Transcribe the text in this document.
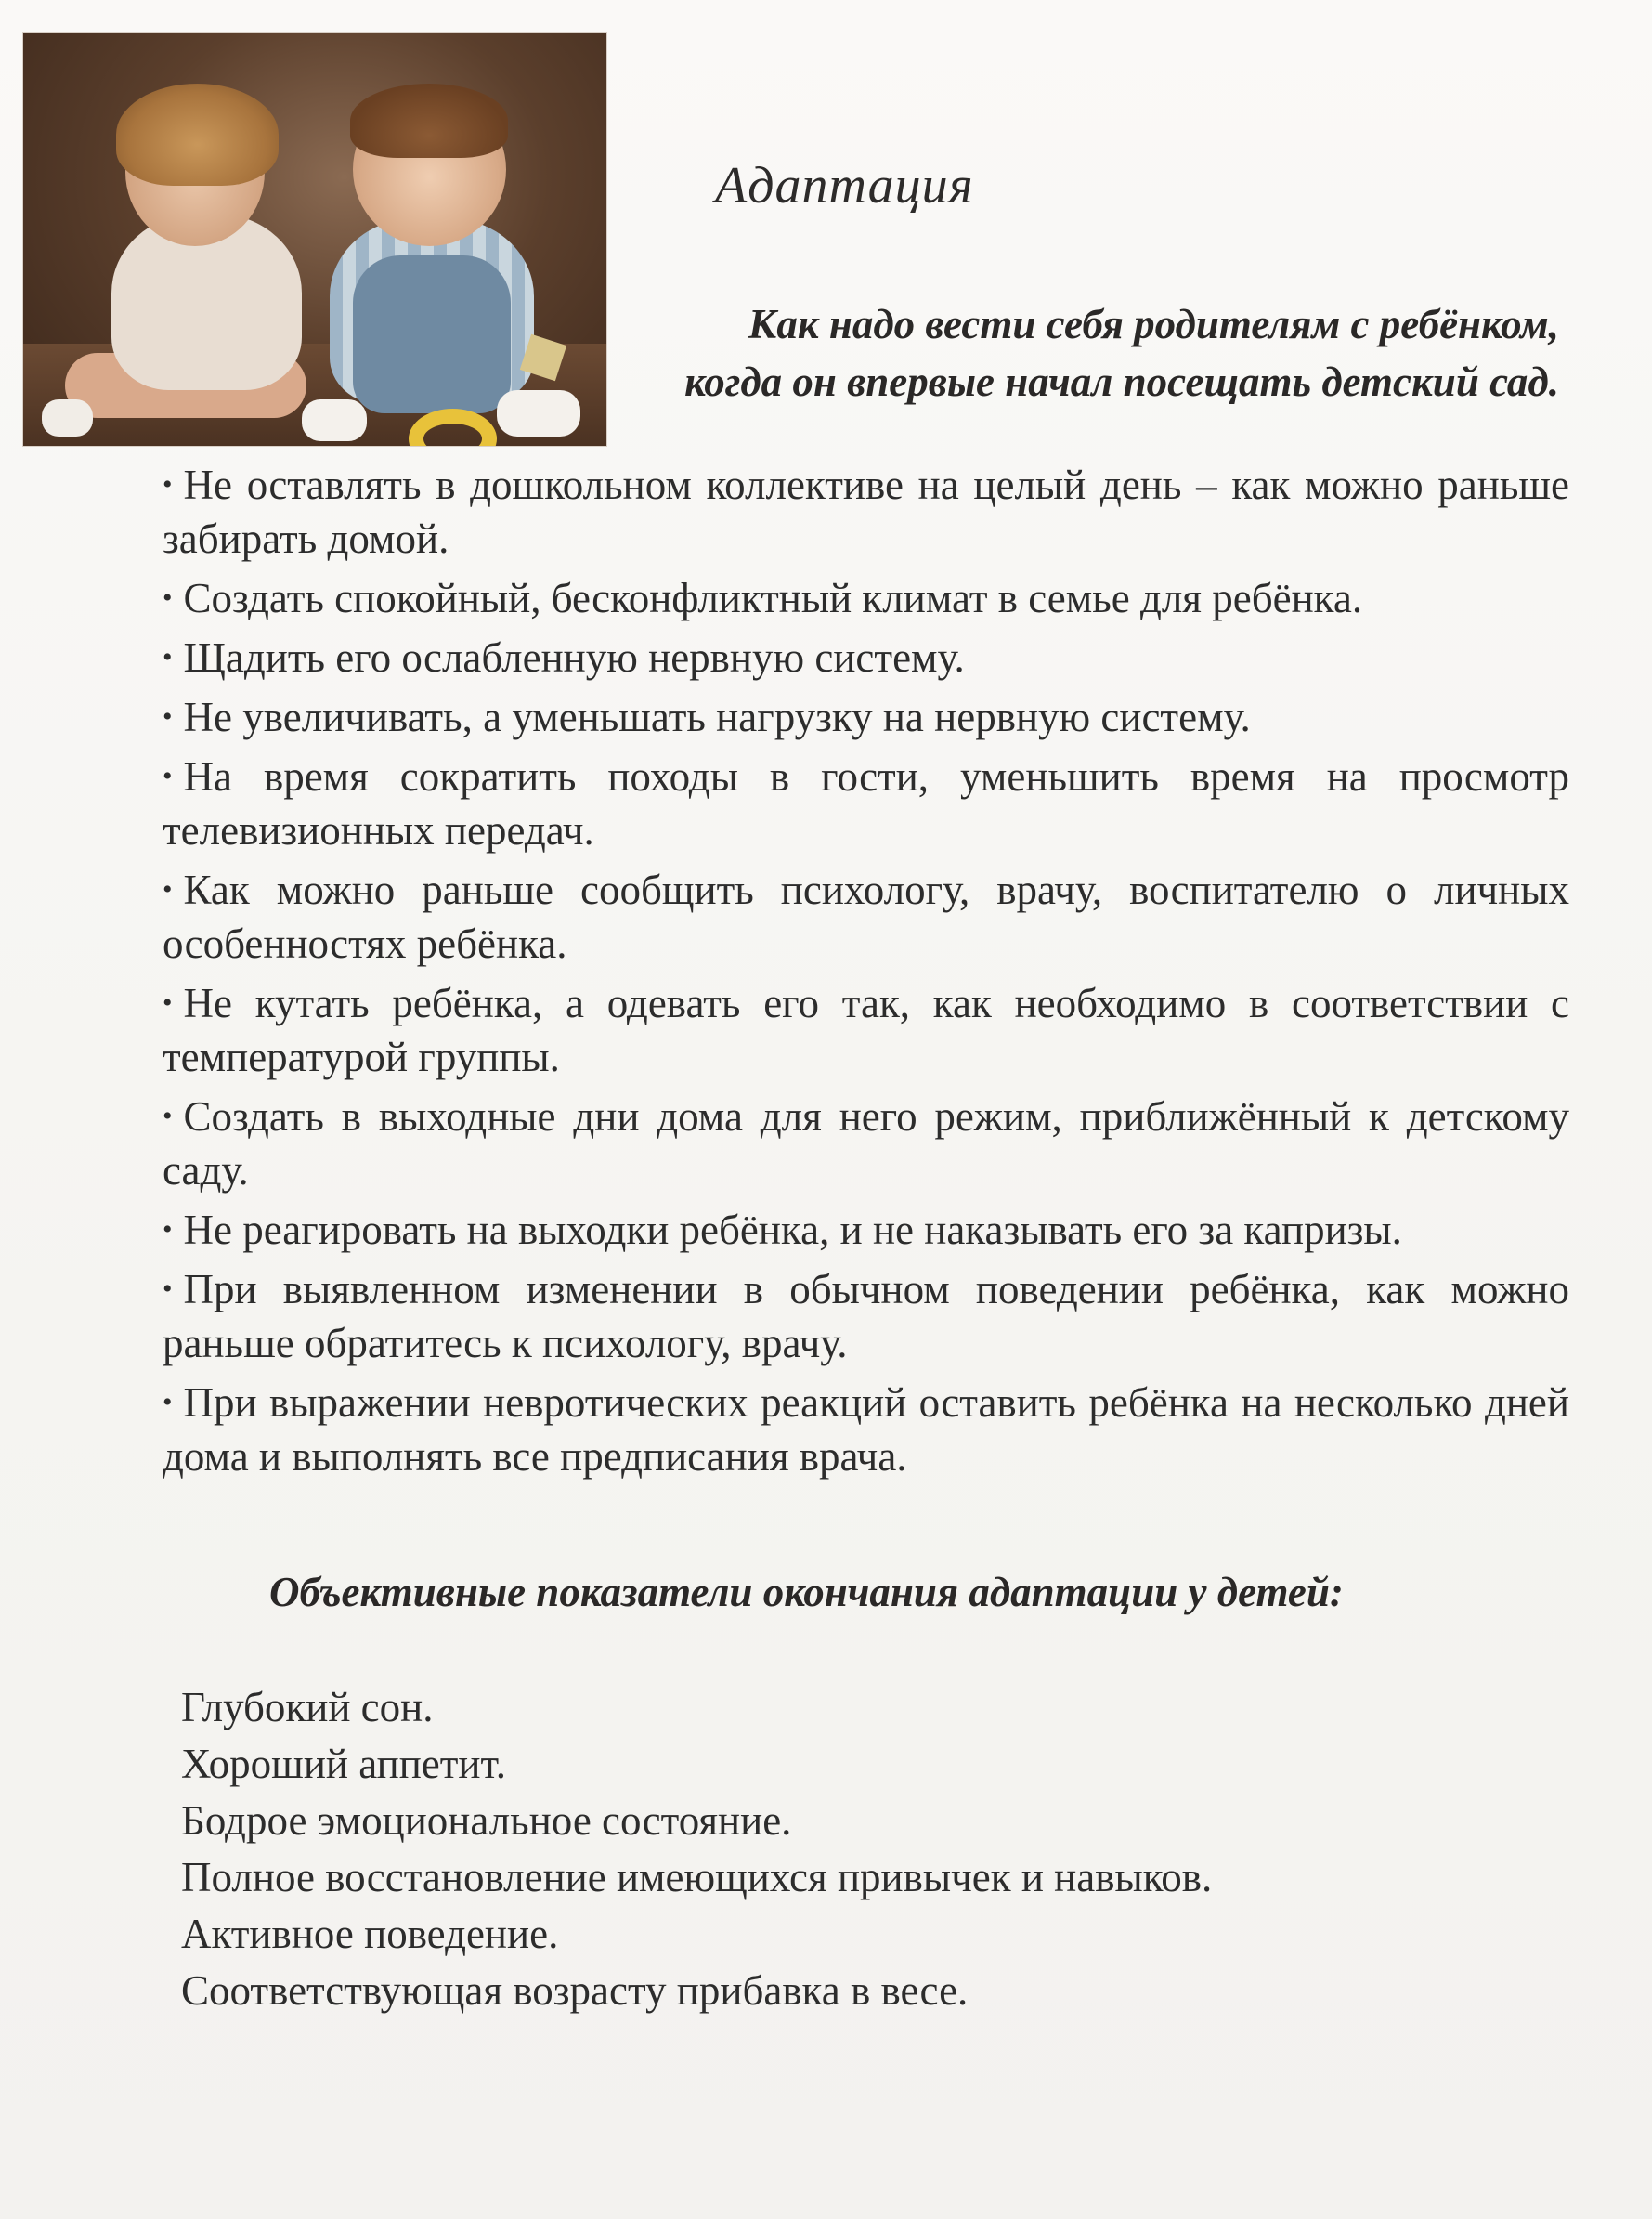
Адаптация
Как надо вести себя родителям с ребёнком,
когда он впервые начал посещать детский сад.
• Не оставлять в дошкольном коллективе на целый день – как можно раньше забирать домой.
• Создать спокойный, бесконфликтный климат в семье для ребёнка.
• Щадить его ослабленную нервную систему.
• Не увеличивать, а уменьшать нагрузку на нервную систему.
• На время сократить походы в гости, уменьшить время на просмотр телевизионных передач.
• Как можно раньше сообщить психологу, врачу, воспитателю о личных особенностях ребёнка.
• Не кутать ребёнка, а одевать его так, как необходимо в соответствии с температурой группы.
• Создать в выходные дни дома для него режим, приближённый к детскому саду.
• Не реагировать на выходки ребёнка, и не наказывать его за капризы.
• При выявленном изменении в обычном поведении ребёнка, как можно раньше обратитесь к психологу, врачу.
• При выражении невротических реакций оставить ребёнка на несколько дней дома и выполнять все предписания врача.
Объективные показатели окончания адаптации у детей:
Глубокий сон.
Хороший аппетит.
Бодрое эмоциональное состояние.
Полное восстановление имеющихся привычек и навыков.
Активное поведение.
Соответствующая возрасту прибавка в весе.
